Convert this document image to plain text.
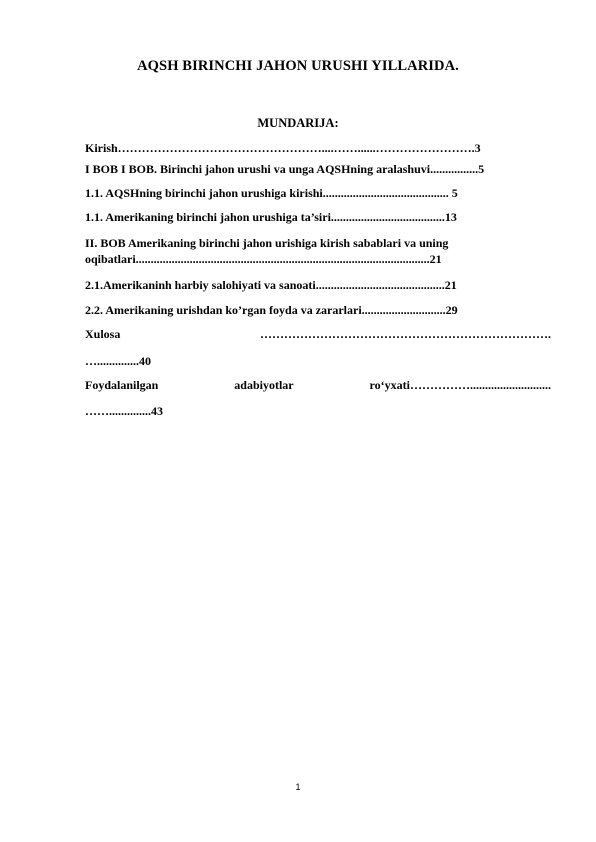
AQSH BIRINCHI JAHON URUSHI YILLARIDA.
MUNDARIJA:
Kirish……………………………………………....……......…………………….3
I BOB I BOB. Birinchi jahon urushi va unga AQSHning aralashuvi................5
1.1. AQSHning birinchi jahon urushiga kirishi.......................................... 5
1.1. Amerikaning birinchi jahon urushiga ta’siri......................................13
II. BOB Amerikaning birinchi jahon urishiga kirish sabablari va uning
oqibatlari..................................................................................................21
2.1.Amerikaninh harbiy salohiyati va sanoati...........................................21
2.2. Amerikaning urishdan ko’rgan foyda va zararlari............................29
Xulosa	……………………………………………………………….
…..............40
Foydalanilgan	adabiyotlar	ro‘yxati……………...........................
……..............43
1
